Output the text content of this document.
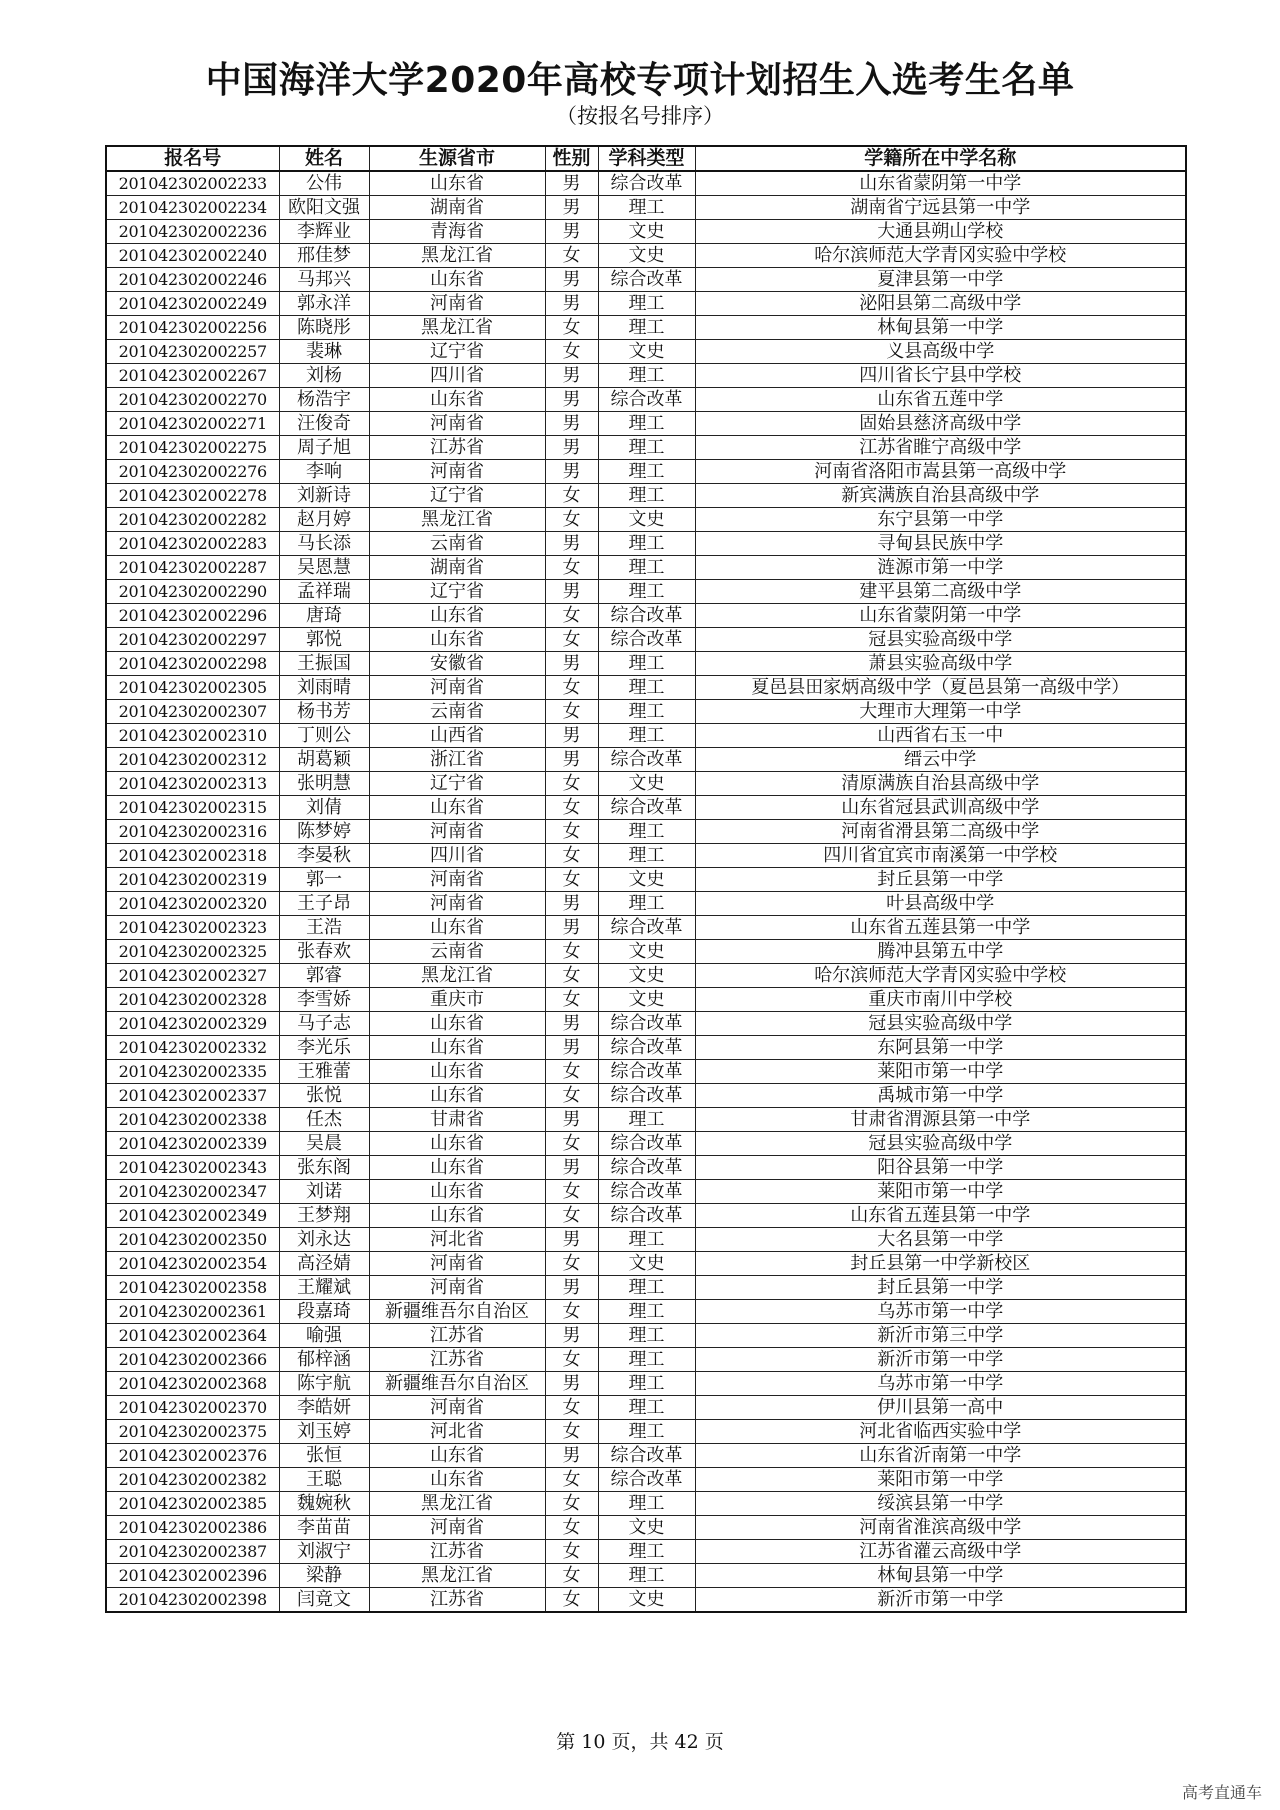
中国海洋大学2020年高校专项计划招生入选考生名单
（按报名号排序）
报名号	姓名	生源省市	性别	学科类型	学籍所在中学名称
201042302002233	公伟	山东省	男	综合改革	山东省蒙阴第一中学
201042302002234	欧阳文强	湖南省	男	理工	湖南省宁远县第一中学
201042302002236	李辉业	青海省	男	文史	大通县朔山学校
201042302002240	邢佳梦	黑龙江省	女	文史	哈尔滨师范大学青冈实验中学校
201042302002246	马邦兴	山东省	男	综合改革	夏津县第一中学
201042302002249	郭永洋	河南省	男	理工	泌阳县第二高级中学
201042302002256	陈晓彤	黑龙江省	女	理工	林甸县第一中学
201042302002257	裴琳	辽宁省	女	文史	义县高级中学
201042302002267	刘杨	四川省	男	理工	四川省长宁县中学校
201042302002270	杨浩宇	山东省	男	综合改革	山东省五莲中学
201042302002271	汪俊奇	河南省	男	理工	固始县慈济高级中学
201042302002275	周子旭	江苏省	男	理工	江苏省睢宁高级中学
201042302002276	李响	河南省	男	理工	河南省洛阳市嵩县第一高级中学
201042302002278	刘新诗	辽宁省	女	理工	新宾满族自治县高级中学
201042302002282	赵月婷	黑龙江省	女	文史	东宁县第一中学
201042302002283	马长添	云南省	男	理工	寻甸县民族中学
201042302002287	吴恩慧	湖南省	女	理工	涟源市第一中学
201042302002290	孟祥瑞	辽宁省	男	理工	建平县第二高级中学
201042302002296	唐琦	山东省	女	综合改革	山东省蒙阴第一中学
201042302002297	郭悦	山东省	女	综合改革	冠县实验高级中学
201042302002298	王振国	安徽省	男	理工	萧县实验高级中学
201042302002305	刘雨晴	河南省	女	理工	夏邑县田家炳高级中学（夏邑县第一高级中学）
201042302002307	杨书芳	云南省	女	理工	大理市大理第一中学
201042302002310	丁则公	山西省	男	理工	山西省右玉一中
201042302002312	胡葛颖	浙江省	男	综合改革	缙云中学
201042302002313	张明慧	辽宁省	女	文史	清原满族自治县高级中学
201042302002315	刘倩	山东省	女	综合改革	山东省冠县武训高级中学
201042302002316	陈梦婷	河南省	女	理工	河南省滑县第二高级中学
201042302002318	李晏秋	四川省	女	理工	四川省宜宾市南溪第一中学校
201042302002319	郭一	河南省	女	文史	封丘县第一中学
201042302002320	王子昂	河南省	男	理工	叶县高级中学
201042302002323	王浩	山东省	男	综合改革	山东省五莲县第一中学
201042302002325	张春欢	云南省	女	文史	腾冲县第五中学
201042302002327	郭睿	黑龙江省	女	文史	哈尔滨师范大学青冈实验中学校
201042302002328	李雪娇	重庆市	女	文史	重庆市南川中学校
201042302002329	马子志	山东省	男	综合改革	冠县实验高级中学
201042302002332	李光乐	山东省	男	综合改革	东阿县第一中学
201042302002335	王雅蕾	山东省	女	综合改革	莱阳市第一中学
201042302002337	张悦	山东省	女	综合改革	禹城市第一中学
201042302002338	任杰	甘肃省	男	理工	甘肃省渭源县第一中学
201042302002339	吴晨	山东省	女	综合改革	冠县实验高级中学
201042302002343	张东阁	山东省	男	综合改革	阳谷县第一中学
201042302002347	刘诺	山东省	女	综合改革	莱阳市第一中学
201042302002349	王梦翔	山东省	女	综合改革	山东省五莲县第一中学
201042302002350	刘永达	河北省	男	理工	大名县第一中学
201042302002354	高泾婧	河南省	女	文史	封丘县第一中学新校区
201042302002358	王耀斌	河南省	男	理工	封丘县第一中学
201042302002361	段嘉琦	新疆维吾尔自治区	女	理工	乌苏市第一中学
201042302002364	喻强	江苏省	男	理工	新沂市第三中学
201042302002366	郁梓涵	江苏省	女	理工	新沂市第一中学
201042302002368	陈宇航	新疆维吾尔自治区	男	理工	乌苏市第一中学
201042302002370	李皓妍	河南省	女	理工	伊川县第一高中
201042302002375	刘玉婷	河北省	女	理工	河北省临西实验中学
201042302002376	张恒	山东省	男	综合改革	山东省沂南第一中学
201042302002382	王聪	山东省	女	综合改革	莱阳市第一中学
201042302002385	魏婉秋	黑龙江省	女	理工	绥滨县第一中学
201042302002386	李苗苗	河南省	女	文史	河南省淮滨高级中学
201042302002387	刘淑宁	江苏省	女	理工	江苏省灌云高级中学
201042302002396	梁静	黑龙江省	女	理工	林甸县第一中学
201042302002398	闫竟文	江苏省	女	文史	新沂市第一中学
第 10 页，共 42 页
高考直通车
